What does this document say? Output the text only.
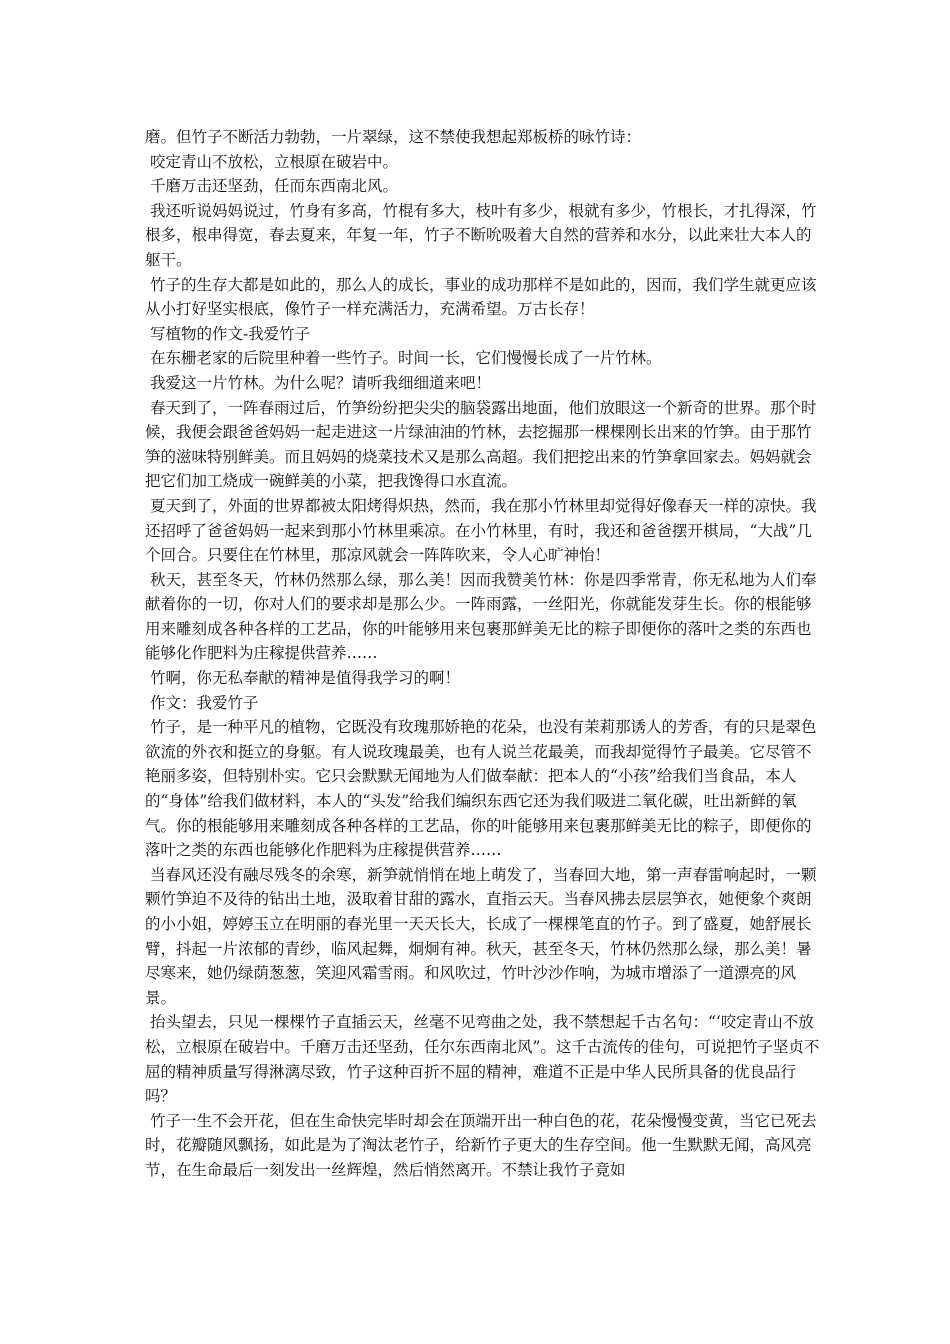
磨。但竹子不断活力勃勃，一片翠绿，这不禁使我想起郑板桥的咏竹诗：

咬定青山不放松，立根原在破岩中。

千磨万击还坚劲，任而东西南北风。

我还听说妈妈说过，竹身有多高，竹棍有多大，枝叶有多少，根就有多少，竹根长，才扎得深，竹根多，根串得宽，春去夏来，年复一年，竹子不断吮吸着大自然的营养和水分，以此来壮大本人的躯干。

竹子的生存大都是如此的，那么人的成长，事业的成功那样不是如此的，因而，我们学生就更应该从小打好坚实根底，像竹子一样充满活力，充满希望。万古长存！

写植物的作文-我爱竹子

在东栅老家的后院里种着一些竹子。时间一长，它们慢慢长成了一片竹林。

我爱这一片竹林。为什么呢？请听我细细道来吧！

春天到了，一阵春雨过后，竹笋纷纷把尖尖的脑袋露出地面，他们放眼这一个新奇的世界。那个时候，我便会跟爸爸妈妈一起走进这一片绿油油的竹林，去挖掘那一棵棵刚长出来的竹笋。由于那竹笋的滋味特别鲜美。而且妈妈的烧菜技术又是那么高超。我们把挖出来的竹笋拿回家去。妈妈就会把它们加工烧成一碗鲜美的小菜，把我馋得口水直流。

夏天到了，外面的世界都被太阳烤得炽热，然而，我在那小竹林里却觉得好像春天一样的凉快。我还招呼了爸爸妈妈一起来到那小竹林里乘凉。在小竹林里，有时，我还和爸爸摆开棋局，“大战”几个回合。只要住在竹林里，那凉风就会一阵阵吹来，令人心旷神怡！

秋天，甚至冬天，竹林仍然那么绿，那么美！因而我赞美竹林：你是四季常青，你无私地为人们奉献着你的一切，你对人们的要求却是那么少。一阵雨露，一丝阳光，你就能发芽生长。你的根能够用来雕刻成各种各样的工艺品，你的叶能够用来包裹那鲜美无比的粽子即便你的落叶之类的东西也能够化作肥料为庄稼提供营养……

竹啊，你无私奉献的精神是值得我学习的啊！

作文：我爱竹子

竹子，是一种平凡的植物，它既没有玫瑰那娇艳的花朵，也没有茉莉那诱人的芳香，有的只是翠色欲流的外衣和挺立的身躯。有人说玫瑰最美，也有人说兰花最美，而我却觉得竹子最美。它尽管不艳丽多姿，但特别朴实。它只会默默无闻地为人们做奉献：把本人的“小孩”给我们当食品，本人的“身体”给我们做材料，本人的“头发”给我们编织东西它还为我们吸进二氧化碳，吐出新鲜的氧气。你的根能够用来雕刻成各种各样的工艺品，你的叶能够用来包裹那鲜美无比的粽子，即便你的落叶之类的东西也能够化作肥料为庄稼提供营养……

当春风还没有融尽残冬的余寒，新笋就悄悄在地上萌发了，当春回大地，第一声春雷响起时，一颗颗竹笋迫不及待的钻出土地，汲取着甘甜的露水，直指云天。当春风拂去层层笋衣，她便象个爽朗的小小姐，婷婷玉立在明丽的春光里一天天长大，长成了一棵棵笔直的竹子。到了盛夏，她舒展长臂，抖起一片浓郁的青纱，临风起舞，炯炯有神。秋天，甚至冬天，竹林仍然那么绿，那么美！暑尽寒来，她仍绿荫葱葱，笑迎风霜雪雨。和风吹过，竹叶沙沙作响，为城市增添了一道漂亮的风景。

抬头望去，只见一棵棵竹子直插云天，丝毫不见弯曲之处，我不禁想起千古名句：“‘咬定青山不放松，立根原在破岩中。千磨万击还坚劲，任尔东西南北风”。这千古流传的佳句，可说把竹子坚贞不屈的精神质量写得淋漓尽致，竹子这种百折不屈的精神，难道不正是中华人民所具备的优良品行吗？

竹子一生不会开花，但在生命快完毕时却会在顶端开出一种白色的花，花朵慢慢变黄，当它已死去时，花瓣随风飘扬，如此是为了淘汰老竹子，给新竹子更大的生存空间。他一生默默无闻，高风亮节，在生命最后一刻发出一丝辉煌，然后悄然离开。不禁让我竹子竟如
